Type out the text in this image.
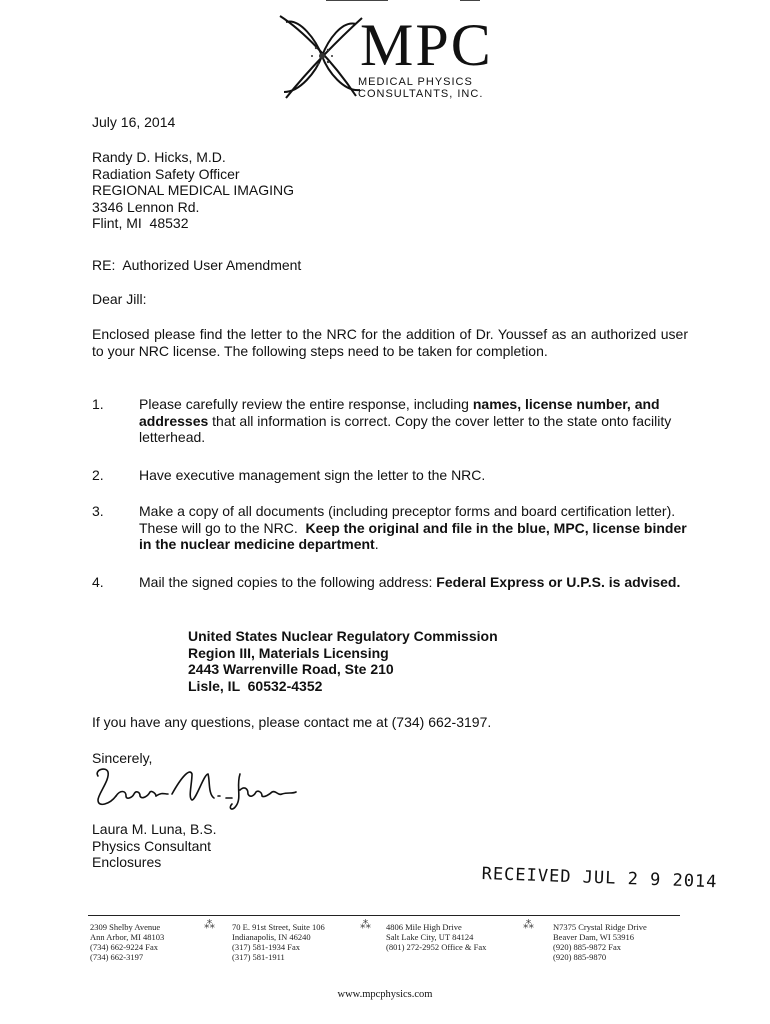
MPC
MEDICAL PHYSICS
CONSULTANTS, INC.
July 16, 2014
Randy D. Hicks, M.D.
Radiation Safety Officer
REGIONAL MEDICAL IMAGING
3346 Lennon Rd.
Flint, MI  48532
RE:  Authorized User Amendment
Dear Jill:
Enclosed please find the letter to the NRC for the addition of Dr. Youssef as an authorized user to your NRC license. The following steps need to be taken for completion.
1.	Please carefully review the entire response, including names, license number, and addresses that all information is correct. Copy the cover letter to the state onto facility letterhead.
2.	Have executive management sign the letter to the NRC.
3.	Make a copy of all documents (including preceptor forms and board certification letter). These will go to the NRC.  Keep the original and file in the blue, MPC, license binder in the nuclear medicine department.
4.	Mail the signed copies to the following address: Federal Express or U.P.S. is advised.
United States Nuclear Regulatory Commission
Region III, Materials Licensing
2443 Warrenville Road, Ste 210
Lisle, IL  60532-4352
If you have any questions, please contact me at (734) 662-3197.
Sincerely,
Laura M. Luna, B.S.
Physics Consultant
Enclosures
RECEIVED JUL 2 9 2014
2309 Shelby Avenue
Ann Arbor, MI 48103
(734) 662-9224 Fax
(734) 662-3197
⁂ 70 E. 91st Street, Suite 106
Indianapolis, IN 46240
(317) 581-1934 Fax
(317) 581-1911
⁂ 4806 Mile High Drive
Salt Lake City, UT 84124
(801) 272-2952 Office & Fax
⁂ N7375 Crystal Ridge Drive
Beaver Dam, WI 53916
(920) 885-9872 Fax
(920) 885-9870
www.mpcphysics.com
